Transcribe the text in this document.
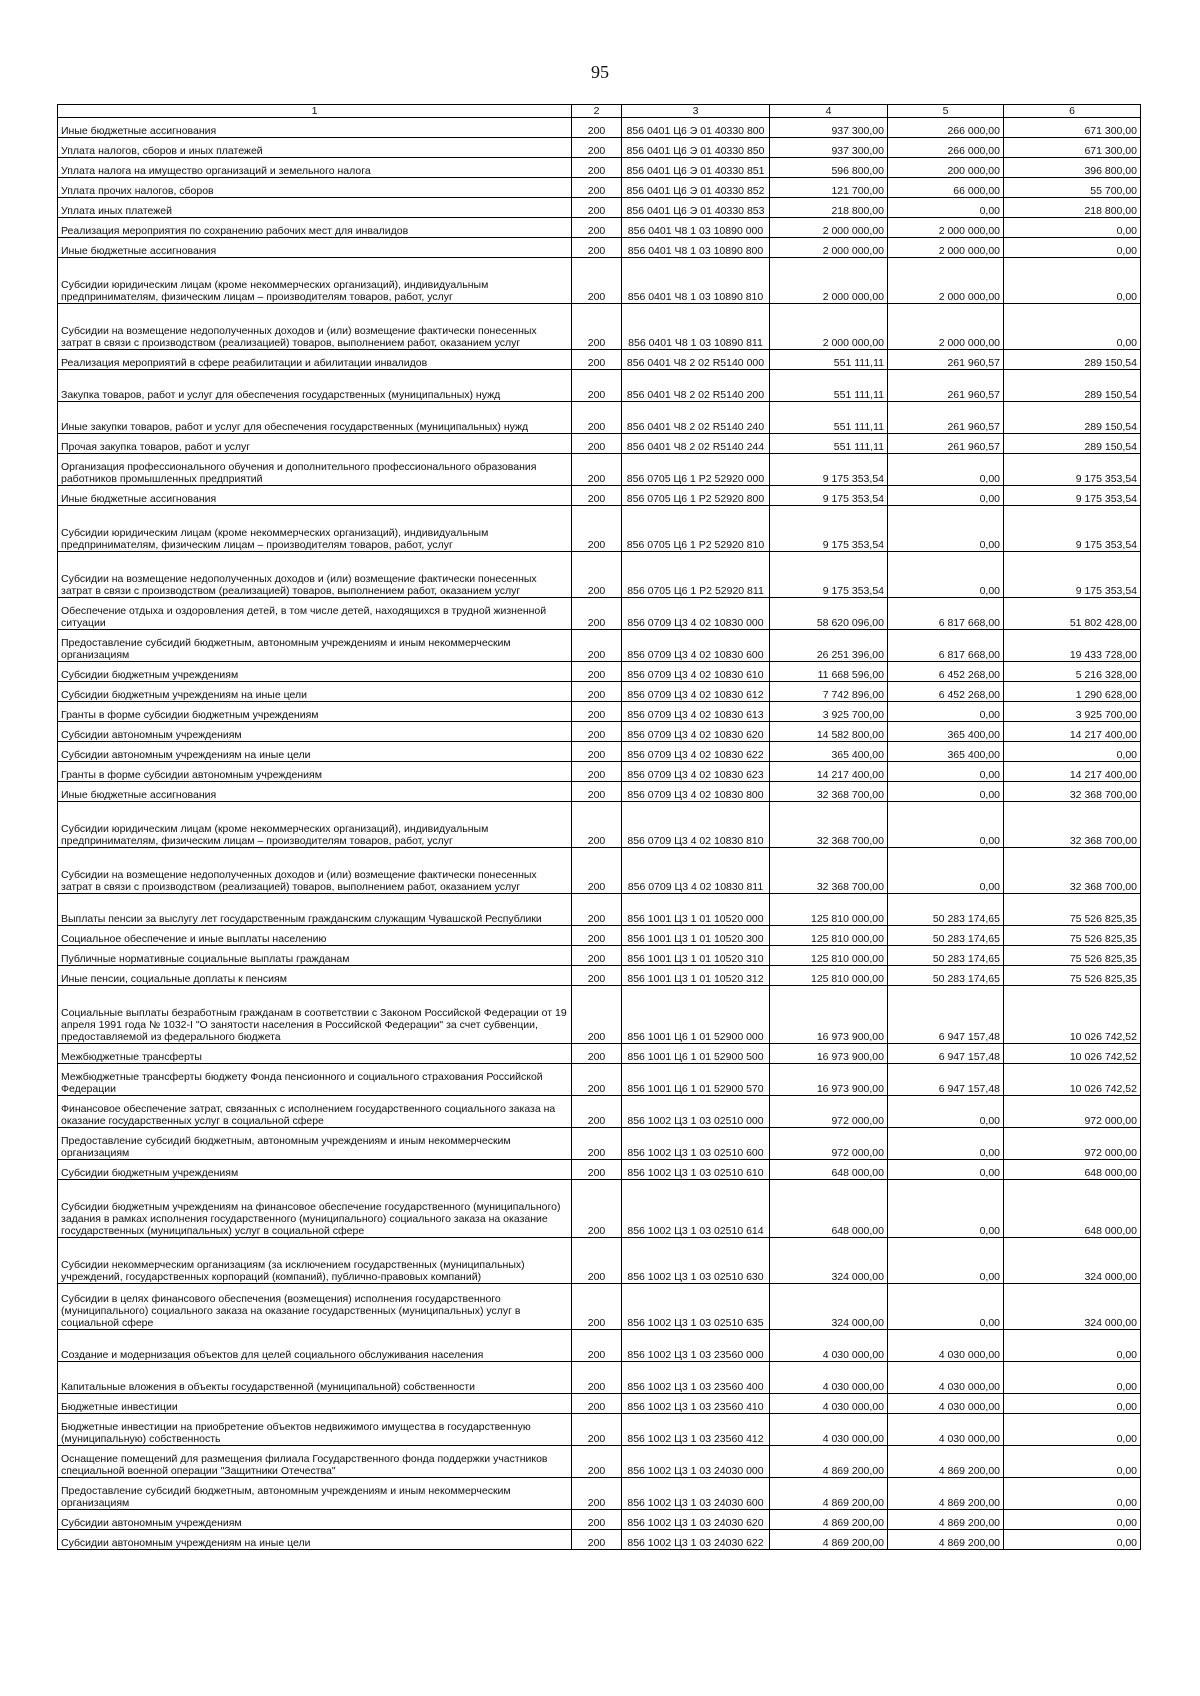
95
1	2	3	4	5	6
Иные бюджетные ассигнования	200	856 0401 Ц6 Э 01 40330 800	937 300,00	266 000,00	671 300,00
Уплата налогов, сборов и иных платежей	200	856 0401 Ц6 Э 01 40330 850	937 300,00	266 000,00	671 300,00
Уплата налога на имущество организаций и земельного налога	200	856 0401 Ц6 Э 01 40330 851	596 800,00	200 000,00	396 800,00
Уплата прочих налогов, сборов	200	856 0401 Ц6 Э 01 40330 852	121 700,00	66 000,00	55 700,00
Уплата иных платежей	200	856 0401 Ц6 Э 01 40330 853	218 800,00	0,00	218 800,00
Реализация мероприятия по сохранению рабочих мест для инвалидов	200	856 0401 Ч8 1 03 10890 000	2 000 000,00	2 000 000,00	0,00
Иные бюджетные ассигнования	200	856 0401 Ч8 1 03 10890 800	2 000 000,00	2 000 000,00	0,00
Субсидии юридическим лицам (кроме некоммерческих организаций), индивидуальным предпринимателям, физическим лицам – производителям товаров, работ, услуг	200	856 0401 Ч8 1 03 10890 810	2 000 000,00	2 000 000,00	0,00
Субсидии на возмещение недополученных доходов и (или) возмещение фактически понесенных затрат в связи с производством (реализацией) товаров, выполнением работ, оказанием услуг	200	856 0401 Ч8 1 03 10890 811	2 000 000,00	2 000 000,00	0,00
Реализация мероприятий в сфере реабилитации и абилитации инвалидов	200	856 0401 Ч8 2 02 R5140 000	551 111,11	261 960,57	289 150,54
Закупка товаров, работ и услуг для обеспечения государственных (муниципальных) нужд	200	856 0401 Ч8 2 02 R5140 200	551 111,11	261 960,57	289 150,54
Иные закупки товаров, работ и услуг для обеспечения государственных (муниципальных) нужд	200	856 0401 Ч8 2 02 R5140 240	551 111,11	261 960,57	289 150,54
Прочая закупка товаров, работ и услуг	200	856 0401 Ч8 2 02 R5140 244	551 111,11	261 960,57	289 150,54
Организация профессионального обучения и дополнительного профессионального образования работников промышленных предприятий	200	856 0705 Ц6 1 Р2 52920 000	9 175 353,54	0,00	9 175 353,54
Иные бюджетные ассигнования	200	856 0705 Ц6 1 Р2 52920 800	9 175 353,54	0,00	9 175 353,54
Субсидии юридическим лицам (кроме некоммерческих организаций), индивидуальным предпринимателям, физическим лицам – производителям товаров, работ, услуг	200	856 0705 Ц6 1 Р2 52920 810	9 175 353,54	0,00	9 175 353,54
Субсидии на возмещение недополученных доходов и (или) возмещение фактически понесенных затрат в связи с производством (реализацией) товаров, выполнением работ, оказанием услуг	200	856 0705 Ц6 1 Р2 52920 811	9 175 353,54	0,00	9 175 353,54
Обеспечение отдыха и оздоровления детей, в том числе детей, находящихся в трудной жизненной ситуации	200	856 0709 Ц3 4 02 10830 000	58 620 096,00	6 817 668,00	51 802 428,00
Предоставление субсидий бюджетным, автономным учреждениям и иным некоммерческим организациям	200	856 0709 Ц3 4 02 10830 600	26 251 396,00	6 817 668,00	19 433 728,00
Субсидии бюджетным учреждениям	200	856 0709 Ц3 4 02 10830 610	11 668 596,00	6 452 268,00	5 216 328,00
Субсидии бюджетным учреждениям на иные цели	200	856 0709 Ц3 4 02 10830 612	7 742 896,00	6 452 268,00	1 290 628,00
Гранты в форме субсидии бюджетным учреждениям	200	856 0709 Ц3 4 02 10830 613	3 925 700,00	0,00	3 925 700,00
Субсидии автономным учреждениям	200	856 0709 Ц3 4 02 10830 620	14 582 800,00	365 400,00	14 217 400,00
Субсидии автономным учреждениям на иные цели	200	856 0709 Ц3 4 02 10830 622	365 400,00	365 400,00	0,00
Гранты в форме субсидии автономным учреждениям	200	856 0709 Ц3 4 02 10830 623	14 217 400,00	0,00	14 217 400,00
Иные бюджетные ассигнования	200	856 0709 Ц3 4 02 10830 800	32 368 700,00	0,00	32 368 700,00
Субсидии юридическим лицам (кроме некоммерческих организаций), индивидуальным предпринимателям, физическим лицам – производителям товаров, работ, услуг	200	856 0709 Ц3 4 02 10830 810	32 368 700,00	0,00	32 368 700,00
Субсидии на возмещение недополученных доходов и (или) возмещение фактически понесенных затрат в связи с производством (реализацией) товаров, выполнением работ, оказанием услуг	200	856 0709 Ц3 4 02 10830 811	32 368 700,00	0,00	32 368 700,00
Выплаты пенсии за выслугу лет государственным гражданским служащим Чувашской Республики	200	856 1001 Ц3 1 01 10520 000	125 810 000,00	50 283 174,65	75 526 825,35
Социальное обеспечение и иные выплаты населению	200	856 1001 Ц3 1 01 10520 300	125 810 000,00	50 283 174,65	75 526 825,35
Публичные нормативные социальные выплаты гражданам	200	856 1001 Ц3 1 01 10520 310	125 810 000,00	50 283 174,65	75 526 825,35
Иные пенсии, социальные доплаты к пенсиям	200	856 1001 Ц3 1 01 10520 312	125 810 000,00	50 283 174,65	75 526 825,35
Социальные выплаты безработным гражданам в соответствии с Законом Российской Федерации от 19 апреля 1991 года № 1032-I "О занятости населения в Российской Федерации" за счет субвенции, предоставляемой из федерального бюджета	200	856 1001 Ц6 1 01 52900 000	16 973 900,00	6 947 157,48	10 026 742,52
Межбюджетные трансферты	200	856 1001 Ц6 1 01 52900 500	16 973 900,00	6 947 157,48	10 026 742,52
Межбюджетные трансферты бюджету Фонда пенсионного и социального страхования Российской Федерации	200	856 1001 Ц6 1 01 52900 570	16 973 900,00	6 947 157,48	10 026 742,52
Финансовое обеспечение затрат, связанных с исполнением государственного социального заказа на оказание государственных услуг в социальной сфере	200	856 1002 Ц3 1 03 02510 000	972 000,00	0,00	972 000,00
Предоставление субсидий бюджетным, автономным учреждениям и иным некоммерческим организациям	200	856 1002 Ц3 1 03 02510 600	972 000,00	0,00	972 000,00
Субсидии бюджетным учреждениям	200	856 1002 Ц3 1 03 02510 610	648 000,00	0,00	648 000,00
Субсидии бюджетным учреждениям на финансовое обеспечение государственного (муниципального) задания в рамках исполнения государственного (муниципального) социального заказа на оказание государственных (муниципальных) услуг в социальной сфере	200	856 1002 Ц3 1 03 02510 614	648 000,00	0,00	648 000,00
Субсидии некоммерческим организациям (за исключением государственных (муниципальных) учреждений, государственных корпораций (компаний), публично-правовых компаний)	200	856 1002 Ц3 1 03 02510 630	324 000,00	0,00	324 000,00
Субсидии в целях финансового обеспечения (возмещения) исполнения государственного (муниципального) социального заказа на оказание государственных (муниципальных) услуг в социальной сфере	200	856 1002 Ц3 1 03 02510 635	324 000,00	0,00	324 000,00
Создание и модернизация объектов для целей социального обслуживания населения	200	856 1002 Ц3 1 03 23560 000	4 030 000,00	4 030 000,00	0,00
Капитальные вложения в объекты государственной (муниципальной) собственности	200	856 1002 Ц3 1 03 23560 400	4 030 000,00	4 030 000,00	0,00
Бюджетные инвестиции	200	856 1002 Ц3 1 03 23560 410	4 030 000,00	4 030 000,00	0,00
Бюджетные инвестиции на приобретение объектов недвижимого имущества в государственную (муниципальную) собственность	200	856 1002 Ц3 1 03 23560 412	4 030 000,00	4 030 000,00	0,00
Оснащение помещений для размещения филиала Государственного фонда поддержки участников специальной военной операции "Защитники Отечества"	200	856 1002 Ц3 1 03 24030 000	4 869 200,00	4 869 200,00	0,00
Предоставление субсидий бюджетным, автономным учреждениям и иным некоммерческим организациям	200	856 1002 Ц3 1 03 24030 600	4 869 200,00	4 869 200,00	0,00
Субсидии автономным учреждениям	200	856 1002 Ц3 1 03 24030 620	4 869 200,00	4 869 200,00	0,00
Субсидии автономным учреждениям на иные цели	200	856 1002 Ц3 1 03 24030 622	4 869 200,00	4 869 200,00	0,00
